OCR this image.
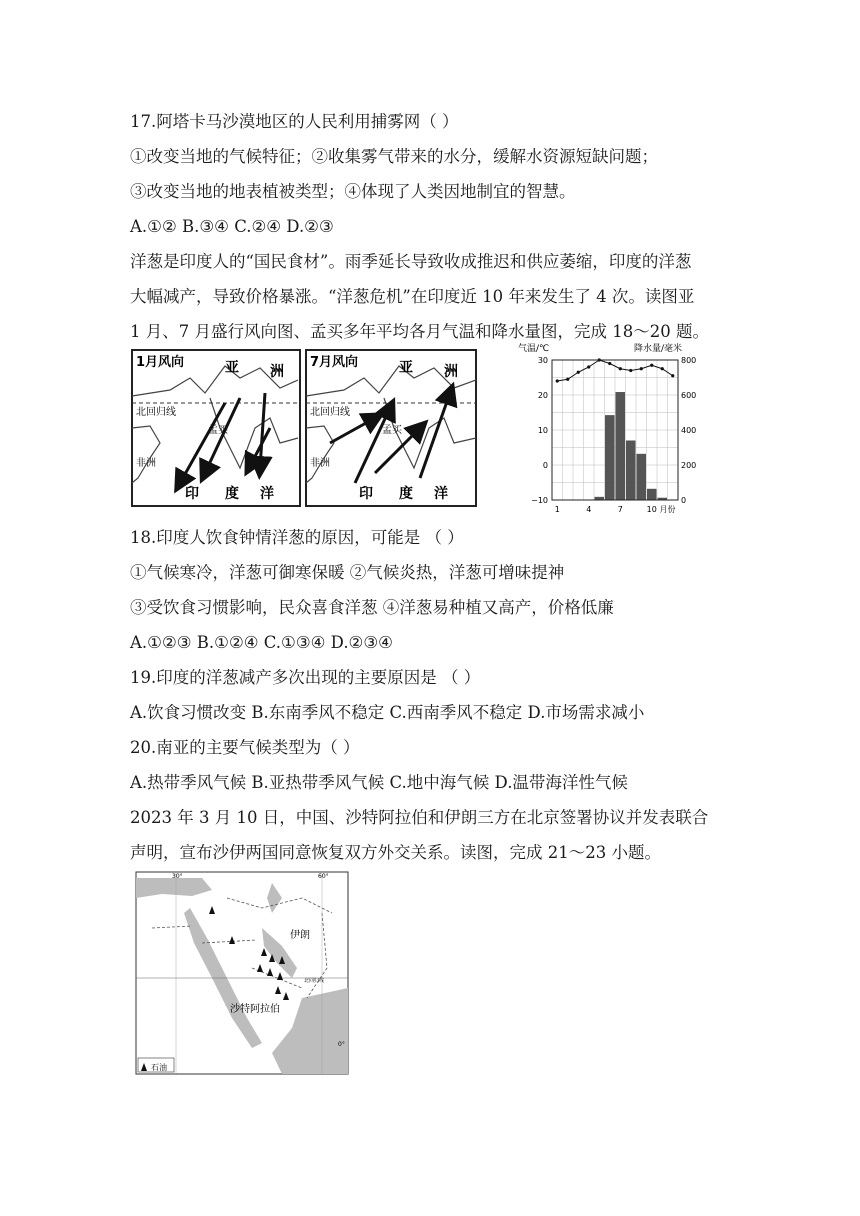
17.阿塔卡马沙漠地区的人民利用捕雾网（ ）
①改变当地的气候特征；②收集雾气带来的水分，缓解水资源短缺问题；
③改变当地的地表植被类型；④体现了人类因地制宜的智慧。
A.①② B.③④ C.②④ D.②③
洋葱是印度人的“国民食材”。雨季延长导致收成推迟和供应萎缩，印度的洋葱
大幅减产，导致价格暴涨。“洋葱危机”在印度近 10 年来发生了 4 次。读图亚
1 月、7 月盛行风向图、孟买多年平均各月气温和降水量图，完成 18～20 题。
1月风向	亚 洲
北回归线
孟买
非洲
印 度 洋
7月风向	亚 洲
北回归线
孟买
非洲
印 度 洋
气温/℃	降水量/毫米
30
20
10
0
−10
800
600
400
200
0
1	4	7	10 月份
18.印度人饮食钟情洋葱的原因，可能是 （ ）
①气候寒冷，洋葱可御寒保暖 ②气候炎热，洋葱可增味提神
③受饮食习惯影响，民众喜食洋葱 ④洋葱易种植又高产，价格低廉
A.①②③ B.①②④ C.①③④ D.②③④
19.印度的洋葱减产多次出现的主要原因是 （ ）
A.饮食习惯改变 B.东南季风不稳定 C.西南季风不稳定 D.市场需求减小
20.南亚的主要气候类型为（ ）
A.热带季风气候 B.亚热带季风气候 C.地中海气候 D.温带海洋性气候
2023 年 3 月 10 日，中国、沙特阿拉伯和伊朗三方在北京签署协议并发表联合
声明，宣布沙伊两国同意恢复双方外交关系。读图，完成 21～23 小题。
30°	60°
伊朗
沙特阿拉伯
北回归线
0°
石油
